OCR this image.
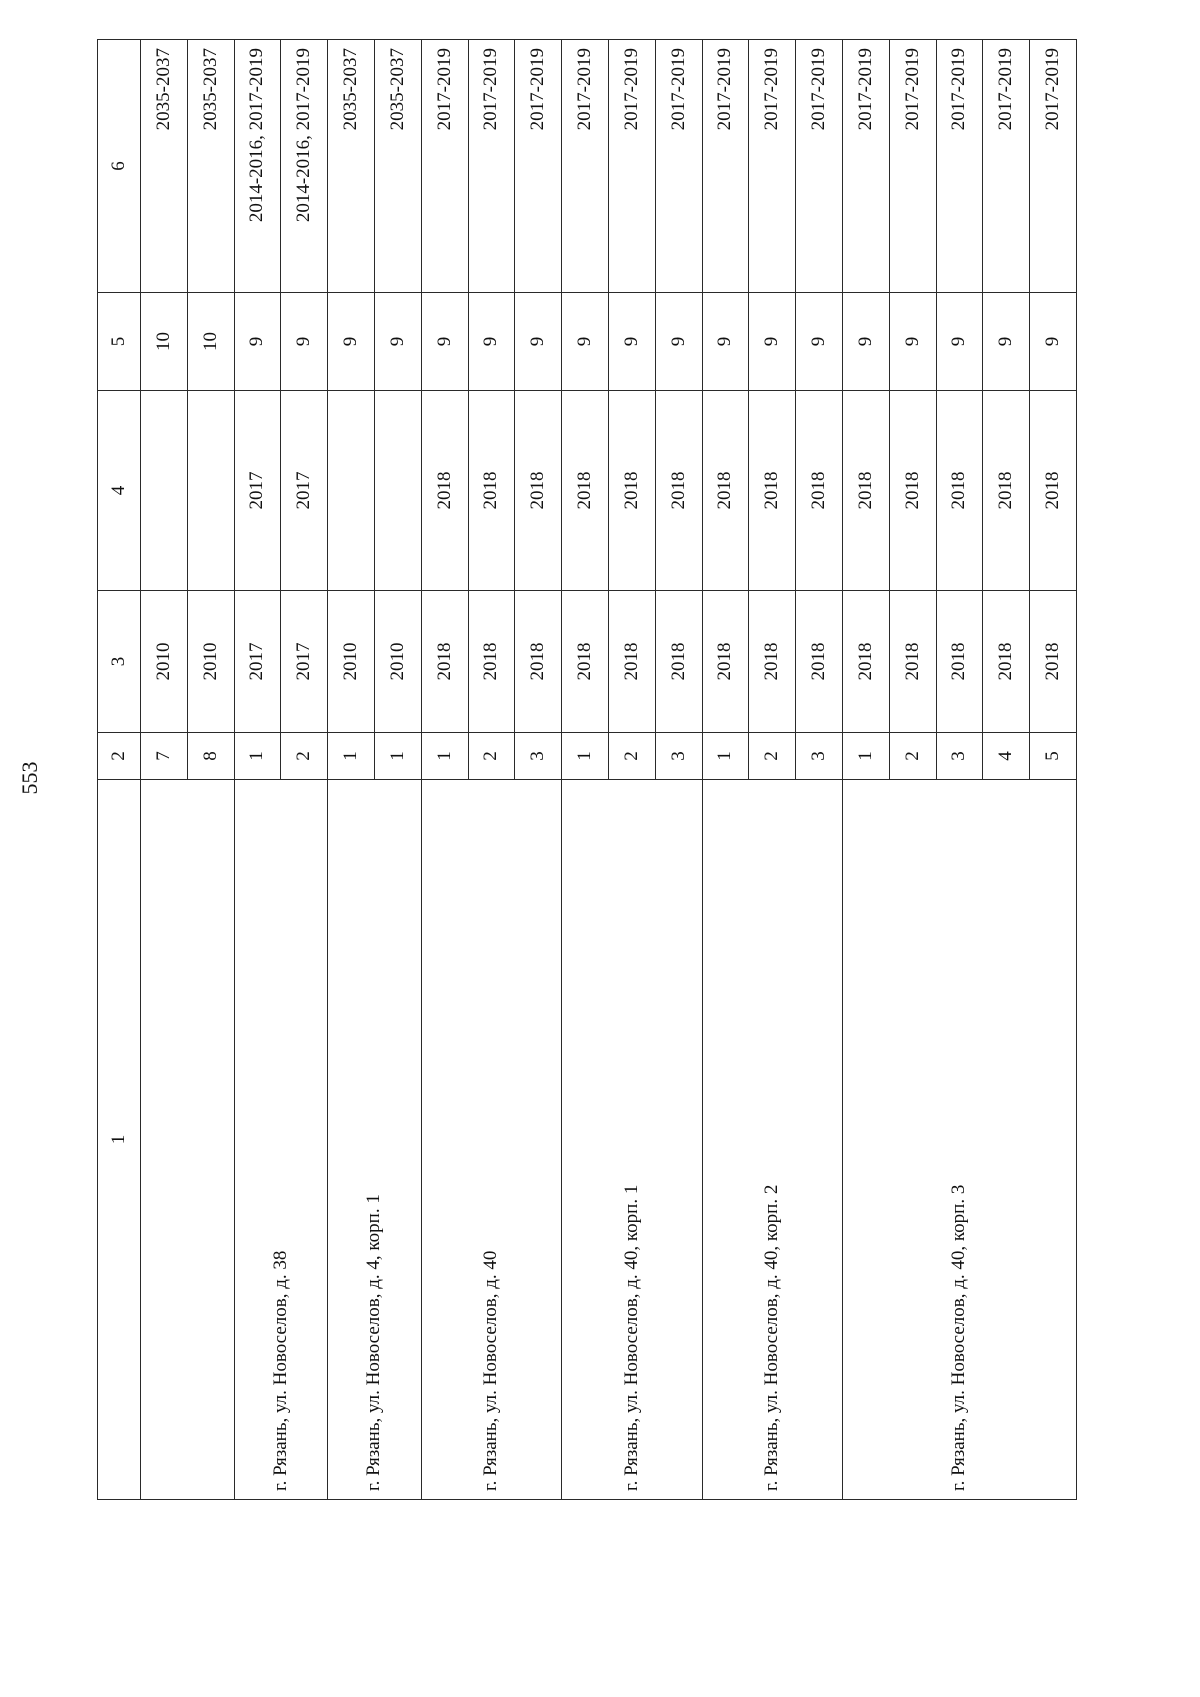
553
1	2	3	4	5	6
	7	2010		10	2035-2037
	8	2010		10	2035-2037
г. Рязань, ул. Новоселов, д. 38	1	2017	2017	9	2014-2016, 2017-2019
	2	2017	2017	9	2014-2016, 2017-2019
г. Рязань, ул. Новоселов, д. 4, корп. 1	1	2010		9	2035-2037
	1	2010		9	2035-2037
г. Рязань, ул. Новоселов, д. 40	1	2018	2018	9	2017-2019
	2	2018	2018	9	2017-2019
	3	2018	2018	9	2017-2019
г. Рязань, ул. Новоселов, д. 40, корп. 1	1	2018	2018	9	2017-2019
	2	2018	2018	9	2017-2019
	3	2018	2018	9	2017-2019
г. Рязань, ул. Новоселов, д. 40, корп. 2	1	2018	2018	9	2017-2019
	2	2018	2018	9	2017-2019
	3	2018	2018	9	2017-2019
г. Рязань, ул. Новоселов, д. 40, корп. 3	1	2018	2018	9	2017-2019
	2	2018	2018	9	2017-2019
	3	2018	2018	9	2017-2019
	4	2018	2018	9	2017-2019
	5	2018	2018	9	2017-2019
